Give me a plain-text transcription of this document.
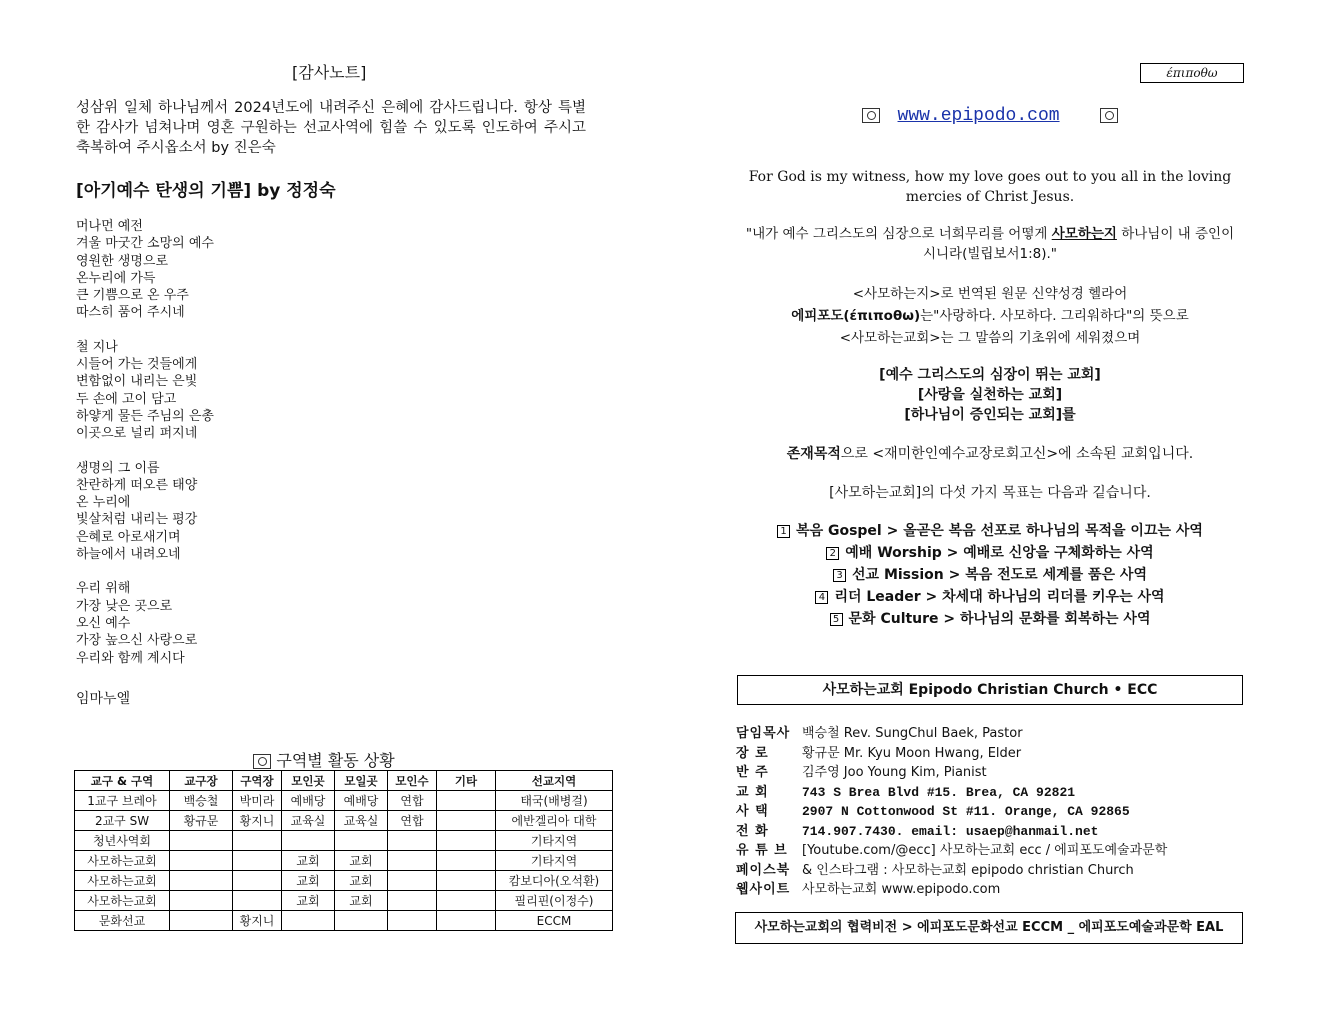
[감사노트]
성삼위 일체 하나님께서 2024년도에 내려주신 은혜에 감사드립니다. 항상 특별한 감사가 넘쳐나며 영혼 구원하는 선교사역에 힘쓸 수 있도록 인도하여 주시고 축복하여 주시옵소서 by 진은숙
[아기예수 탄생의 기쁨] by 정정숙
머나먼 예전
겨울 마굿간 소망의 예수
영원한 생명으로
온누리에 가득
큰 기쁨으로 온 우주
따스히 품어 주시네
철 지나
시들어 가는 것들에게
변함없이 내리는 은빛
두 손에 고이 담고
하얗게 물든 주님의 은총
이곳으로 널리 퍼지네
생명의 그 이름
찬란하게 떠오른 태양
온 누리에
빛살처럼 내리는 평강
은혜로 아로새기며
하늘에서 내려오네
우리 위해
가장 낮은 곳으로
오신 예수
가장 높으신 사랑으로
우리와 함께 계시다
임마누엘
구역별 활동 상황
교구 & 구역	교구장	구역장	모인곳	모일곳	모인수	기타	선교지역
1교구 브레아	백승철	박미라	예배당	예배당	연합		태국(배병걸)
2교구 SW	황규문	황지니	교육실	교육실	연합		에반겔리아 대학
청년사역회							기타지역
사모하는교회			교회	교회			기타지역
사모하는교회			교회	교회			캄보디아(오석환)
사모하는교회			교회	교회			필리핀(이정수)
문화선교		황지니					ECCM
έπιποθω
www.epipodo.com
For God is my witness, how my love goes out to you all in the loving mercies of Christ Jesus.
"내가 예수 그리스도의 심장으로 너희무리를 어떻게 사모하는지 하나님이 내 증인이시니라(빌립보서1:8)."
<사모하는지>로 번역된 원문 신약성경 헬라어
에피포도(έπιποθω)는"사랑하다. 사모하다. 그리워하다"의 뜻으로
<사모하는교회>는 그 말씀의 기초위에 세워졌으며
[예수 그리스도의 심장이 뛰는 교회]
[사랑을 실천하는 교회]
[하나님이 증인되는 교회]를
존재목적으로 <재미한인예수교장로회고신>에 소속된 교회입니다.
[사모하는교회]의 다섯 가지 목표는 다음과 깉습니다.
1 복음 Gospel > 올곧은 복음 선포로 하나님의 목적을 이끄는 사역
2 예배 Worship > 예배로 신앙을 구체화하는 사역
3 선교 Mission > 복음 전도로 세계를 품은 사역
4 리더 Leader > 차세대 하나님의 리더를 키우는 사역
5 문화 Culture > 하나님의 문화를 회복하는 사역
사모하는교회 Epipodo Christian Church • ECC
담임목사 백승철 Rev. SungChul Baek, Pastor
장 로	황규문 Mr. Kyu Moon Hwang, Elder
반 주	김주영 Joo Young Kim, Pianist
교 회	743 S Brea Blvd #15. Brea, CA 92821
사 택	2907 N Cottonwood St #11. Orange, CA 92865
전 화	714.907.7430. email: usaep@hanmail.net
유 튜 브 [Youtube.com/@ecc] 사모하는교회 ecc / 에피포도예술과문학
페이스북 & 인스타그램 : 사모하는교회 epipodo christian Church
웹사이트 사모하는교회 www.epipodo.com
사모하는교회의 협력비전 > 에피포도문화선교 ECCM _ 에피포도예술과문학 EAL
